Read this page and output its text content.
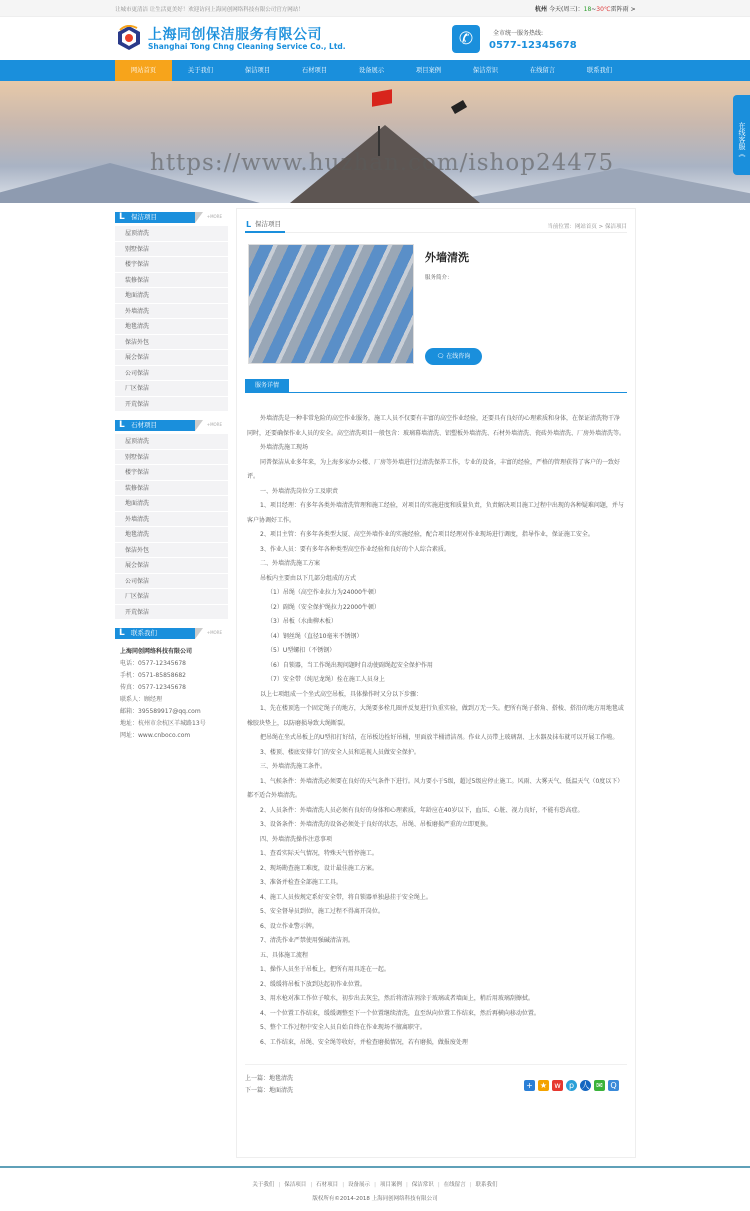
让城市更清洁 让生活更美好！欢迎访问上海同创网络科技有限公司官方网站！	杭州 今天(周三)：18~30℃雷阵雨 >
上海同创保洁服务有限公司
Shanghai Tong Chng Cleaning Service Co., Ltd.	✆	全市统一服务热线:
0577-12345678
网站首页	关于我们	保洁项目	石材项目	设备展示	项目案例	保洁常识	在线留言	联系我们
https://www.huzhan.com/ishop24475
在线客服《
L 保洁项目	+MORE
屋顶清洗
别墅保洁
楼宇保洁
装修保洁
地面清洗
外墙清洗
地毯清洗
保洁外包
展会保洁
公司保洁
厂区保洁
开荒保洁
L 石材项目	+MORE
屋顶清洗
别墅保洁
楼宇保洁
装修保洁
地面清洗
外墙清洗
地毯清洗
保洁外包
展会保洁
公司保洁
厂区保洁
开荒保洁
L 联系我们	+MORE

上海同创网络科技有限公司

电话：0577-12345678

手机：0571-85858682

传真：0577-12345678

联系人：顾经理

邮箱：395589917@qq.com

地址：杭州市余杭区羊城路13号

网址：www.cnboco.com

L 保洁项目	当前位置：网站首页 > 保洁项目
外墙清洗
服务简介：
🗨 在线咨询
服务详情

外墙清洗是一种非常危险的高空作业服务，施工人员不仅要有丰富的高空作业经验，还要具有良好的心理素质和身体，在保证清洗物干净同时，还要确保作业人员的安全。高空清洗项目一般包含：玻璃幕墙清洗、铝塑板外墙清洗、石材外墙清洗、瓷砖外墙清洗、厂房外墙清洗等。

外墙清洗施工现场

同普保洁从业多年来，为上海多家办公楼、厂房等外墙进行过清洗保养工作，专业的设备，丰富的经验，严格的管理获得了客户的一致好评。

一、外墙清洗岗位分工及职责

1、项目经理：有多年各类外墙清洗管理和施工经验，对项目的实施进度和质量负责，负责解决项目施工过程中出现的各种疑难问题，并与客户协调好工作。

2、项目主管：有多年各类型大厦、高空外墙作业的实施经验，配合项目经理对作业现场进行调度，指导作业，保证施工安全。

3、作业人员：要有多年各种类型高空作业经验和良好的个人综合素质。

二、外墙清洗施工方案

吊板内主要由以下几部分组成的方式

（1）吊绳（高空作业拉力为24000牛顿）

（2）副绳（安全保护绳拉力22000牛顿）

（3）吊板（水曲柳木板）

（4）钢丝绳（直径10毫米不锈钢）

（5）U型螺扣（不锈钢）

（6）自锁器，当工作绳出现问题时自动使副绳起安全保护作用

（7）安全带（纯尼龙绳）拴在施工人员身上

以上七项组成一个坐式高空吊板，具体操作时又分以下步骤：

1、先在楼顶选一个固定绳子的地方，大绳要多栓几圈并反复进行负重实验，做到万无一失。把所有绳子搭角、搭棱、搭沿的地方用地毯或橡胶块垫上，以防磨损导致大绳断裂。

把吊绳在坐式吊板上的U型扣打好结，在吊板边拴好吊桶，里面放半桶清洁剂。作业人员带上玻璃刮、上水器及抹布就可以开展工作啦。

3、楼顶、楼底安排专门的安全人员和巡视人员做安全保护。

三、外墙清洗施工条件。

1、气候条件：外墙清洗必须要在良好的天气条件下进行。风力要小于5级，超过5级应停止施工。风雨、大雾天气、低温天气（0度以下）都不适合外墙清洗。

2、人员条件：外墙清洗人员必须有良好的身体和心理素质，年龄应在40岁以下，血压、心脏、视力良好，不能有恐高症。

3、设备条件：外墙清洗的设备必须处于良好的状态，吊绳、吊板磨损严重的立即更换。

四、外墙清洗操作注意事项

1、查看实际天气情况，特殊天气暂停施工。

2、现场勘查施工难度，设计最佳施工方案。

3、准备并检查全部施工工具。

4、施工人员按规定系好安全带，将自锁器单独悬挂于安全绳上。

5、安全督导员到位，施工过程不得离开岗位。

6、设立作业警示牌。

7、清洗作业严禁使用强碱清洁剂。

五、具体施工流程

1、操作人员坐于吊板上，把所有用具连在一起。

2、缓缓将吊板下放到达起初作业位置。

3、用水枪对准工作位子喷水，初步出去灰尘，然后将清洁剂涂于玻璃或者墙面上，稍后用玻璃刮擦拭。

4、一个位置工作结束，缓缓调整至下一个位置继续清洗，直至纵向位置工作结束，然后再横向移动位置。

5、整个工作过程中安全人员自始自终在作业现场不擅离职守。

6、工作结束，吊绳、安全绳等收好，并检查磨损情况，若有磨损，做报废处理

上一篇：地毯清洗
下一篇：地面清洗
+ ★ w	p 人 ✉ Q
关于我们 | 保洁项目 | 石材项目 | 设备展示 | 项目案例 | 保洁常识 | 在线留言 | 联系我们
版权所有©2014-2018 上海同创网络科技有限公司
